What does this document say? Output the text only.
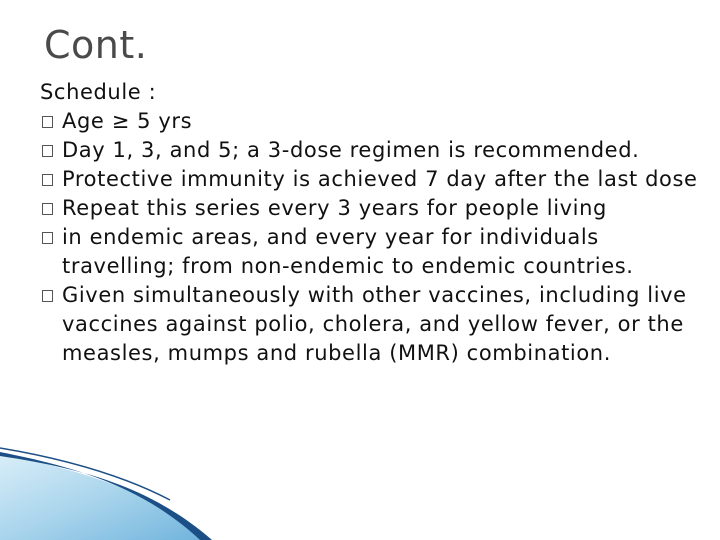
Cont.

Schedule :

Age ≥ 5 yrs
Day 1, 3, and 5; a 3-dose regimen is recommended.
Protective immunity is achieved 7 day after the last dose
Repeat this series every 3 years for people living
in endemic areas, and every year for individuals travelling; from non-endemic to endemic countries.
Given simultaneously with other vaccines, including live vaccines against polio, cholera, and yellow fever, or the measles, mumps and rubella (MMR) combination.
